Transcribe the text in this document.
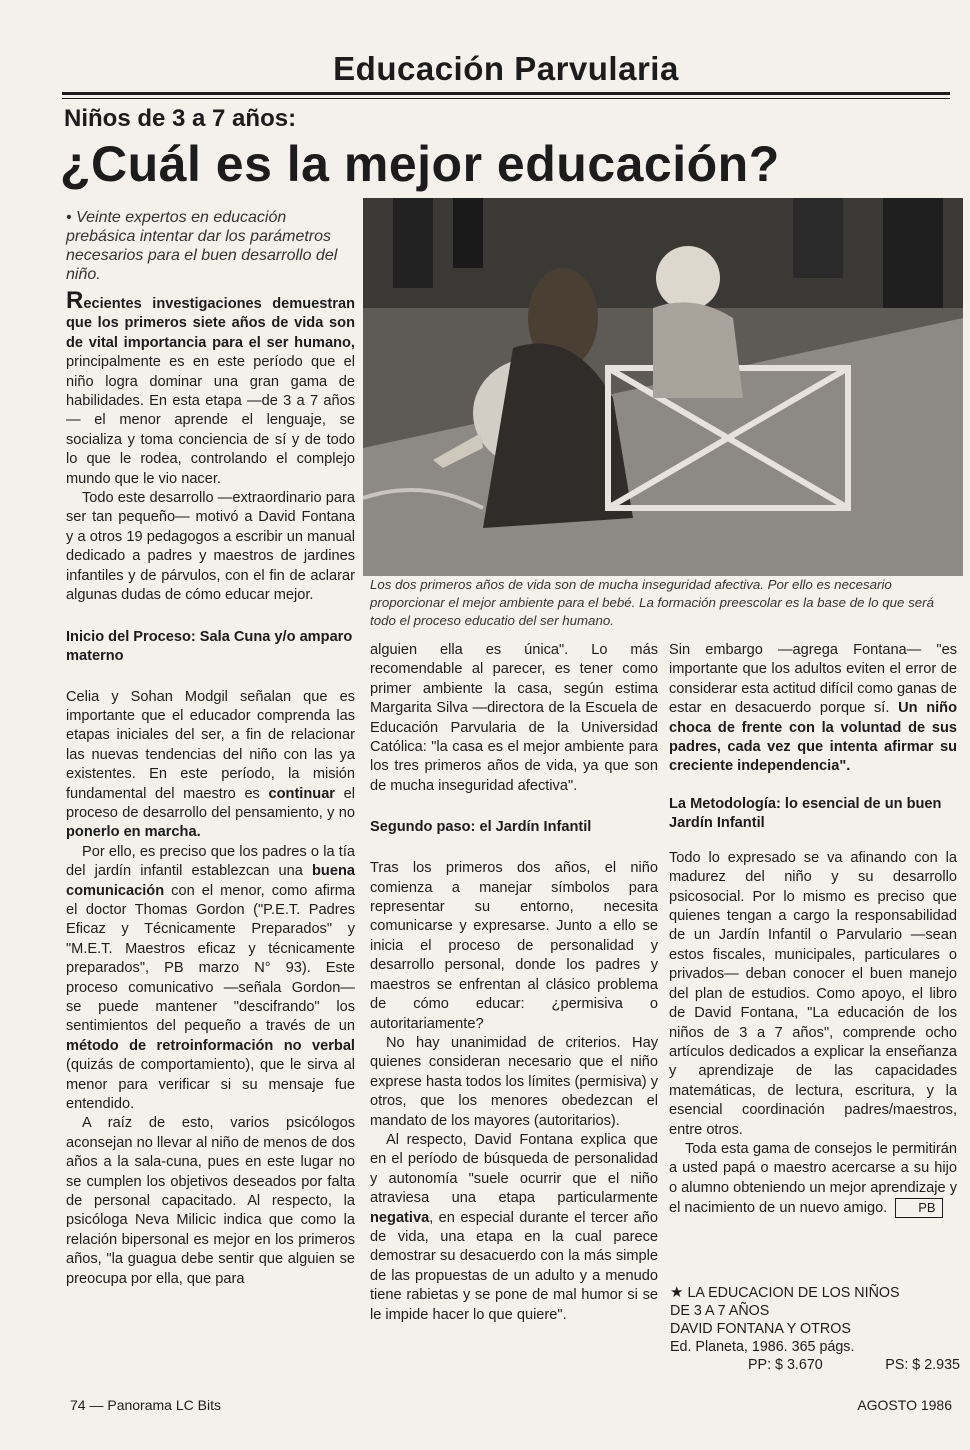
Educación Parvularia
Niños de 3 a 7 años:
¿Cuál es la mejor educación?
• Veinte expertos en educación prebásica intentar dar los parámetros necesarios para el buen desarrollo del niño.

Recientes investigaciones demuestran que los primeros siete años de vida son de vital importancia para el ser humano, principalmente es en este período que el niño logra dominar una gran gama de habilidades. En esta etapa —de 3 a 7 años— el menor aprende el lenguaje, se socializa y toma conciencia de sí y de todo lo que le rodea, controlando el complejo mundo que le vio nacer.

Todo este desarrollo —extraordinario para ser tan pequeño— motivó a David Fontana y a otros 19 pedagogos a escribir un manual dedicado a padres y maestros de jardines infantiles y de párvulos, con el fin de aclarar algunas dudas de cómo educar mejor.

Inicio del Proceso: Sala Cuna y/o amparo materno

Celia y Sohan Modgil señalan que es importante que el educador comprenda las etapas iniciales del ser, a fin de relacionar las nuevas tendencias del niño con las ya existentes. En este período, la misión fundamental del maestro es continuar el proceso de desarrollo del pensamiento, y no ponerlo en marcha.

Por ello, es preciso que los padres o la tía del jardín infantil establezcan una buena comunicación con el menor, como afirma el doctor Thomas Gordon ("P.E.T. Padres Eficaz y Técnicamente Preparados" y "M.E.T. Maestros eficaz y técnicamente preparados", PB marzo N° 93). Este proceso comunicativo —señala Gordon— se puede mantener "descifrando" los sentimientos del pequeño a través de un método de retroinformación no verbal (quizás de comportamiento), que le sirva al menor para verificar si su mensaje fue entendido.

A raíz de esto, varios psicólogos aconsejan no llevar al niño de menos de dos años a la sala-cuna, pues en este lugar no se cumplen los objetivos deseados por falta de personal capacitado. Al respecto, la psicóloga Neva Milicic indica que como la relación bipersonal es mejor en los primeros años, "la guagua debe sentir que alguien se preocupa por ella, que para

Los dos primeros años de vida son de mucha inseguridad afectiva. Por ello es necesario proporcionar el mejor ambiente para el bebé. La formación preescolar es la base de lo que será todo el proceso educatio del ser humano.

alguien ella es única". Lo más recomendable al parecer, es tener como primer ambiente la casa, según estima Margarita Silva —directora de la Escuela de Educación Parvularia de la Universidad Católica: "la casa es el mejor ambiente para los tres primeros años de vida, ya que son de mucha inseguridad afectiva".

Segundo paso: el Jardín Infantil

Tras los primeros dos años, el niño comienza a manejar símbolos para representar su entorno, necesita comunicarse y expresarse. Junto a ello se inicia el proceso de personalidad y desarrollo personal, donde los padres y maestros se enfrentan al clásico problema de cómo educar: ¿permisiva o autoritariamente?

No hay unanimidad de criterios. Hay quienes consideran necesario que el niño exprese hasta todos los límites (permisiva) y otros, que los menores obedezcan el mandato de los mayores (autoritarios).

Al respecto, David Fontana explica que en el período de búsqueda de personalidad y autonomía "suele ocurrir que el niño atraviesa una etapa particularmente negativa, en especial durante el tercer año de vida, una etapa en la cual parece demostrar su desacuerdo con la más simple de las propuestas de un adulto y a menudo tiene rabietas y se pone de mal humor si se le impide hacer lo que quiere".

Sin embargo —agrega Fontana— "es importante que los adultos eviten el error de considerar esta actitud difícil como ganas de estar en desacuerdo porque sí. Un niño choca de frente con la voluntad de sus padres, cada vez que intenta afirmar su creciente independencia".

La Metodología: lo esencial de un buen Jardín Infantil

Todo lo expresado se va afinando con la madurez del niño y su desarrollo psicosocial. Por lo mismo es preciso que quienes tengan a cargo la responsabilidad de un Jardín Infantil o Parvulario —sean estos fiscales, municipales, particulares o privados— deban conocer el buen manejo del plan de estudios. Como apoyo, el libro de David Fontana, "La educación de los niños de 3 a 7 años", comprende ocho artículos dedicados a explicar la enseñanza y aprendizaje de las capacidades matemáticas, de lectura, escritura, y la esencial coordinación padres/maestros, entre otros.

Toda esta gama de consejos le permitirán a usted papá o maestro acercarse a su hijo o alumno obteniendo un mejor aprendizaje y el nacimiento de un nuevo amigo. PB

★ LA EDUCACION DE LOS NIÑOS
DE 3 A 7 AÑOS
DAVID FONTANA Y OTROS
Ed. Planeta, 1986. 365 págs.
PP: $ 3.670	PS: $ 2.935
74 — Panorama LC Bits	AGOSTO 1986
